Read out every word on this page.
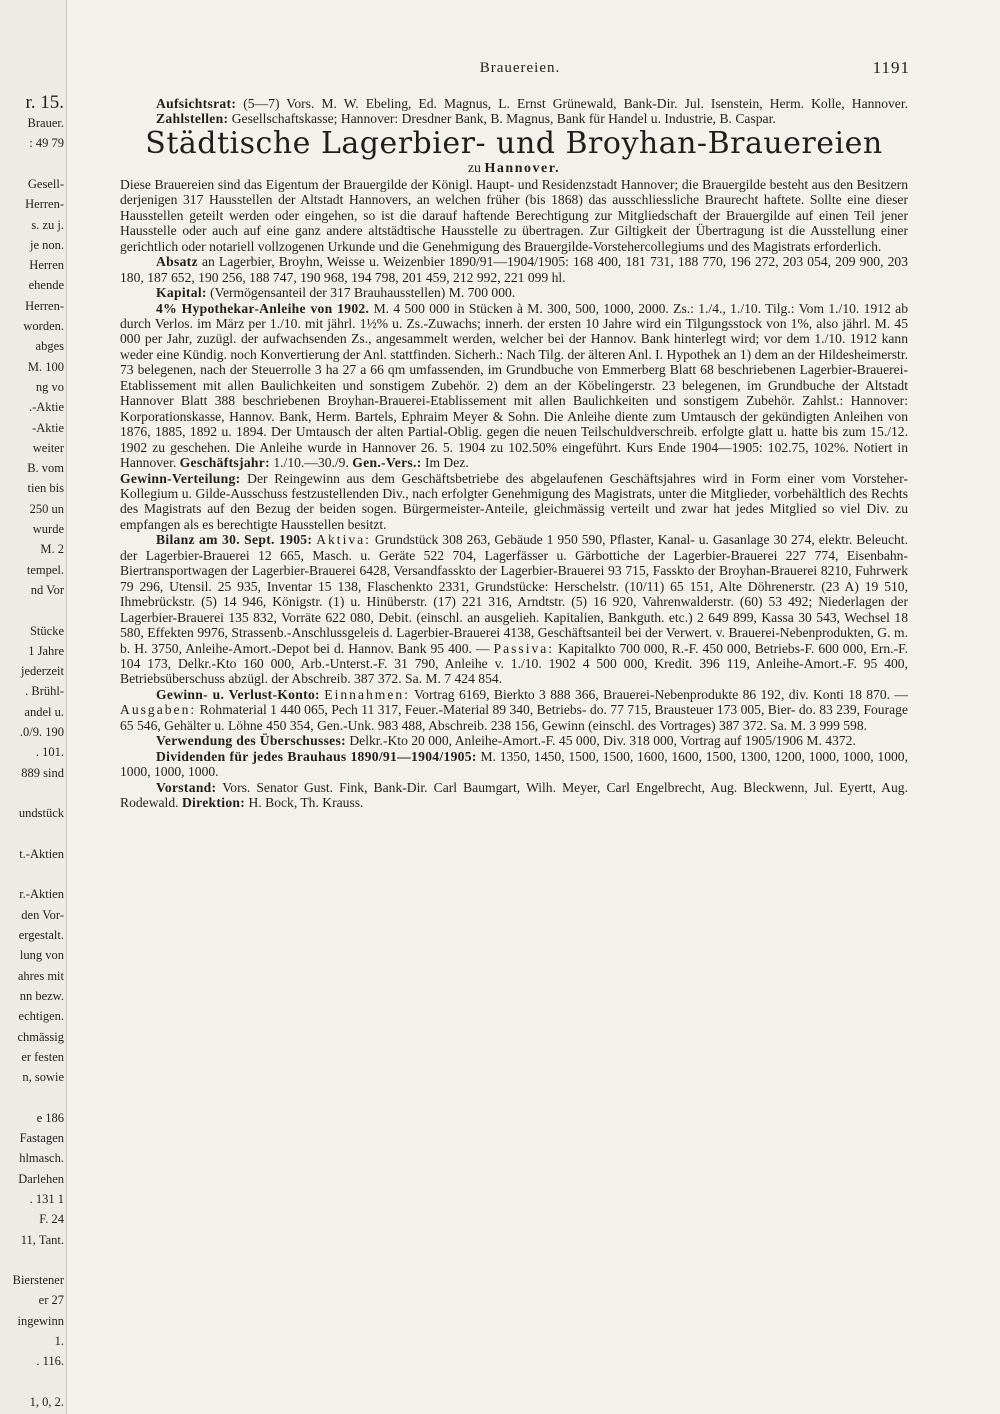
r. 15.
Brauer.
: 49 79
Gesell-
Herren-
s. zu j.
je non.
Herren
ehende
Herren-
worden.
abges
M. 100
ng vo
.-Aktie
-Aktie
weiter
B. vom
tien bis
250 un
wurde
M. 2
tempel.
nd Vor
Stücke
1 Jahre
jederzeit
. Brühl-
andel u.
.0/9. 190
. 101.
889 sind
undstück
t.-Aktien
r.-Aktien
den Vor-
ergestalt.
lung von
ahres mit
nn bezw.
echtigen.
chmässig
er festen
n, sowie
e 186
Fastagen
hlmasch.
Darlehen
. 131 1
F. 24
11, Tant.
Bierstener
er 27
ingewinn
1.
. 116.
1, 0, 2.
Brauereien.	1191

Aufsichtsrat: (5—7) Vors. M. W. Ebeling, Ed. Magnus, L. Ernst Grünewald, Bank-Dir. Jul. Isenstein, Herm. Kolle, Hannover. Zahlstellen: Gesellschaftskasse; Hannover: Dresdner Bank, B. Magnus, Bank für Handel u. Industrie, B. Caspar.

Städtische Lagerbier- und Broyhan-Brauereien

zu Hannover.

Diese Brauereien sind das Eigentum der Brauergilde der Königl. Haupt- und Residenzstadt Hannover; die Brauergilde besteht aus den Besitzern derjenigen 317 Hausstellen der Altstadt Hannovers, an welchen früher (bis 1868) das ausschliessliche Braurecht haftete. Sollte eine dieser Hausstellen geteilt werden oder eingehen, so ist die darauf haftende Berechtigung zur Mitgliedschaft der Brauergilde auf einen Teil jener Hausstelle oder auch auf eine ganz andere altstädtische Hausstelle zu übertragen. Zur Giltigkeit der Übertragung ist die Ausstellung einer gerichtlich oder notariell vollzogenen Urkunde und die Genehmigung des Brauergilde-Vorstehercollegiums und des Magistrats erforderlich.

Absatz an Lagerbier, Broyhn, Weisse u. Weizenbier 1890/91—1904/1905: 168 400, 181 731, 188 770, 196 272, 203 054, 209 900, 203 180, 187 652, 190 256, 188 747, 190 968, 194 798, 201 459, 212 992, 221 099 hl.

Kapital: (Vermögensanteil der 317 Brauhausstellen) M. 700 000.

4% Hypothekar-Anleihe von 1902. M. 4 500 000 in Stücken à M. 300, 500, 1000, 2000. Zs.: 1./4., 1./10. Tilg.: Vom 1./10. 1912 ab durch Verlos. im März per 1./10. mit jährl. 1½% u. Zs.-Zuwachs; innerh. der ersten 10 Jahre wird ein Tilgungsstock von 1%, also jährl. M. 45 000 per Jahr, zuzügl. der aufwachsenden Zs., angesammelt werden, welcher bei der Hannov. Bank hinterlegt wird; vor dem 1./10. 1912 kann weder eine Kündig. noch Konvertierung der Anl. stattfinden. Sicherh.: Nach Tilg. der älteren Anl. I. Hypothek an 1) dem an der Hildesheimerstr. 73 belegenen, nach der Steuerrolle 3 ha 27 a 66 qm umfassenden, im Grundbuche von Emmerberg Blatt 68 beschriebenen Lagerbier-Brauerei-Etablissement mit allen Baulichkeiten und sonstigem Zubehör. 2) dem an der Köbelingerstr. 23 belegenen, im Grundbuche der Altstadt Hannover Blatt 388 beschriebenen Broyhan-Brauerei-Etablissement mit allen Baulichkeiten und sonstigem Zubehör. Zahlst.: Hannover: Korporationskasse, Hannov. Bank, Herm. Bartels, Ephraim Meyer & Sohn. Die Anleihe diente zum Umtausch der gekündigten Anleihen von 1876, 1885, 1892 u. 1894. Der Umtausch der alten Partial-Oblig. gegen die neuen Teilschuldverschreib. erfolgte glatt u. hatte bis zum 15./12. 1902 zu geschehen. Die Anleihe wurde in Hannover 26. 5. 1904 zu 102.50% eingeführt. Kurs Ende 1904—1905: 102.75, 102%. Notiert in Hannover. Geschäftsjahr: 1./10.—30./9. Gen.-Vers.: Im Dez.

Gewinn-Verteilung: Der Reingewinn aus dem Geschäftsbetriebe des abgelaufenen Geschäftsjahres wird in Form einer vom Vorsteher-Kollegium u. Gilde-Ausschuss festzustellenden Div., nach erfolgter Genehmigung des Magistrats, unter die Mitglieder, vorbehältlich des Rechts des Magistrats auf den Bezug der beiden sogen. Bürgermeister-Anteile, gleichmässig verteilt und zwar hat jedes Mitglied so viel Div. zu empfangen als es berechtigte Hausstellen besitzt.

Bilanz am 30. Sept. 1905: Aktiva: Grundstück 308 263, Gebäude 1 950 590, Pflaster, Kanal- u. Gasanlage 30 274, elektr. Beleucht. der Lagerbier-Brauerei 12 665, Masch. u. Geräte 522 704, Lagerfässer u. Gärbottiche der Lagerbier-Brauerei 227 774, Eisenbahn-Biertransportwagen der Lagerbier-Brauerei 6428, Versandfasskto der Lagerbier-Brauerei 93 715, Fasskto der Broyhan-Brauerei 8210, Fuhrwerk 79 296, Utensil. 25 935, Inventar 15 138, Flaschenkto 2331, Grundstücke: Herschelstr. (10/11) 65 151, Alte Döhrenerstr. (23 A) 19 510, Ihmebrückstr. (5) 14 946, Königstr. (1) u. Hinüberstr. (17) 221 316, Arndtstr. (5) 16 920, Vahrenwalderstr. (60) 53 492; Niederlagen der Lagerbier-Brauerei 135 832, Vorräte 622 080, Debit. (einschl. an ausgelieh. Kapitalien, Bankguth. etc.) 2 649 899, Kassa 30 543, Wechsel 18 580, Effekten 9976, Strassenb.-Anschlussgeleis d. Lagerbier-Brauerei 4138, Geschäftsanteil bei der Verwert. v. Brauerei-Nebenprodukten, G. m. b. H. 3750, Anleihe-Amort.-Depot bei d. Hannov. Bank 95 400. — Passiva: Kapitalkto 700 000, R.-F. 450 000, Betriebs-F. 600 000, Ern.-F. 104 173, Delkr.-Kto 160 000, Arb.-Unterst.-F. 31 790, Anleihe v. 1./10. 1902 4 500 000, Kredit. 396 119, Anleihe-Amort.-F. 95 400, Betriebsüberschuss abzügl. der Abschreib. 387 372. Sa. M. 7 424 854.

Gewinn- u. Verlust-Konto: Einnahmen: Vortrag 6169, Bierkto 3 888 366, Brauerei-Nebenprodukte 86 192, div. Konti 18 870. — Ausgaben: Rohmaterial 1 440 065, Pech 11 317, Feuer.-Material 89 340, Betriebs- do. 77 715, Brausteuer 173 005, Bier- do. 83 239, Fourage 65 546, Gehälter u. Löhne 450 354, Gen.-Unk. 983 488, Abschreib. 238 156, Gewinn (einschl. des Vortrages) 387 372. Sa. M. 3 999 598.

Verwendung des Überschusses: Delkr.-Kto 20 000, Anleihe-Amort.-F. 45 000, Div. 318 000, Vortrag auf 1905/1906 M. 4372.

Dividenden für jedes Brauhaus 1890/91—1904/1905: M. 1350, 1450, 1500, 1500, 1600, 1600, 1500, 1300, 1200, 1000, 1000, 1000, 1000, 1000, 1000.

Vorstand: Vors. Senator Gust. Fink, Bank-Dir. Carl Baumgart, Wilh. Meyer, Carl Engelbrecht, Aug. Bleckwenn, Jul. Eyertt, Aug. Rodewald. Direktion: H. Bock, Th. Krauss.
